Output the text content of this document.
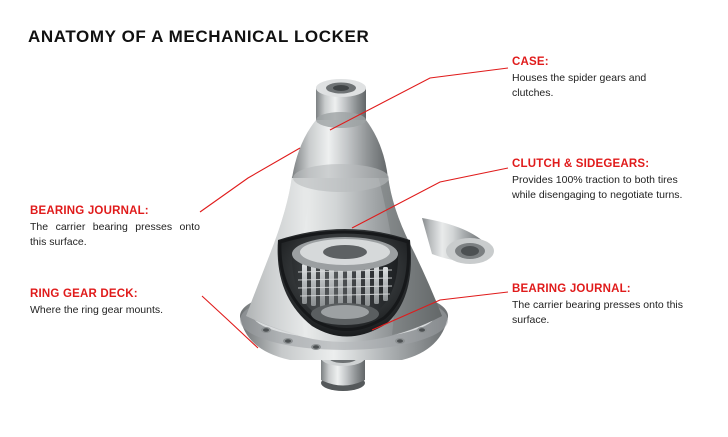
ANATOMY OF A MECHANICAL LOCKER
CASE:
Houses the spider gears and clutches.
CLUTCH & SIDEGEARS:
Provides 100% traction to both tires while disengaging to negotiate turns.
BEARING JOURNAL:
The carrier bearing presses onto this surface.
BEARING JOURNAL:
The carrier bearing presses onto this surface.
RING GEAR DECK:
Where the ring gear mounts.
